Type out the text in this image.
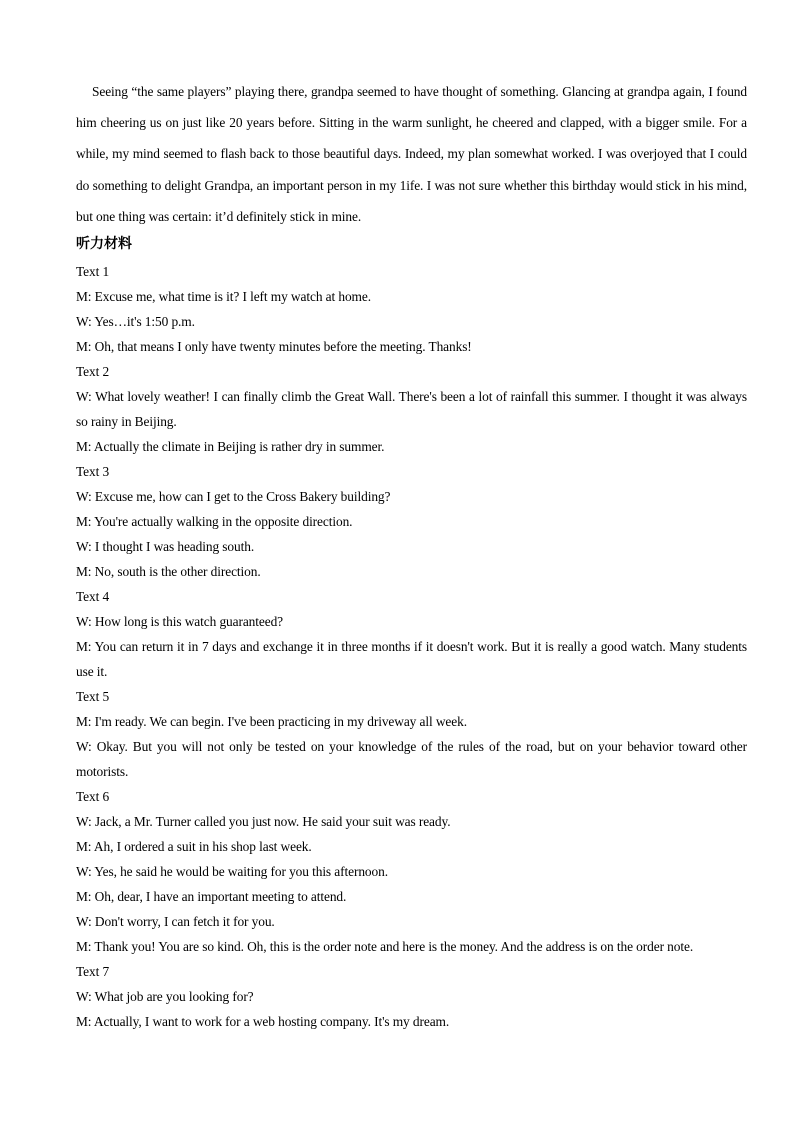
Seeing “the same players” playing there, grandpa seemed to have thought of something. Glancing at grandpa again, I found him cheering us on just like 20 years before. Sitting in the warm sunlight, he cheered and clapped, with a bigger smile. For a while, my mind seemed to flash back to those beautiful days. Indeed, my plan somewhat worked. I was overjoyed that I could do something to delight Grandpa, an important person in my 1ife. I was not sure whether this birthday would stick in his mind, but one thing was certain: it’d definitely stick in mine.

听力材料

Text 1

M: Excuse me, what time is it? I left my watch at home.

W: Yes…it's 1:50 p.m.

M: Oh, that means I only have twenty minutes before the meeting. Thanks!

Text 2

W: What lovely weather! I can finally climb the Great Wall. There's been a lot of rainfall this summer. I thought it was always so rainy in Beijing.

M: Actually the climate in Beijing is rather dry in summer.

Text 3

W: Excuse me, how can I get to the Cross Bakery building?

M: You're actually walking in the opposite direction.

W: I thought I was heading south.

M: No, south is the other direction.

Text 4

W: How long is this watch guaranteed?

M: You can return it in 7 days and exchange it in three months if it doesn't work. But it is really a good watch. Many students use it.

Text 5

M: I'm ready. We can begin. I've been practicing in my driveway all week.

W: Okay. But you will not only be tested on your knowledge of the rules of the road, but on your behavior toward other motorists.

Text 6

W: Jack, a Mr. Turner called you just now. He said your suit was ready.

M: Ah, I ordered a suit in his shop last week.

W: Yes, he said he would be waiting for you this afternoon.

M: Oh, dear, I have an important meeting to attend.

W: Don't worry, I can fetch it for you.

M: Thank you! You are so kind. Oh, this is the order note and here is the money. And the address is on the order note.

Text 7

W: What job are you looking for?

M: Actually, I want to work for a web hosting company. It's my dream.
